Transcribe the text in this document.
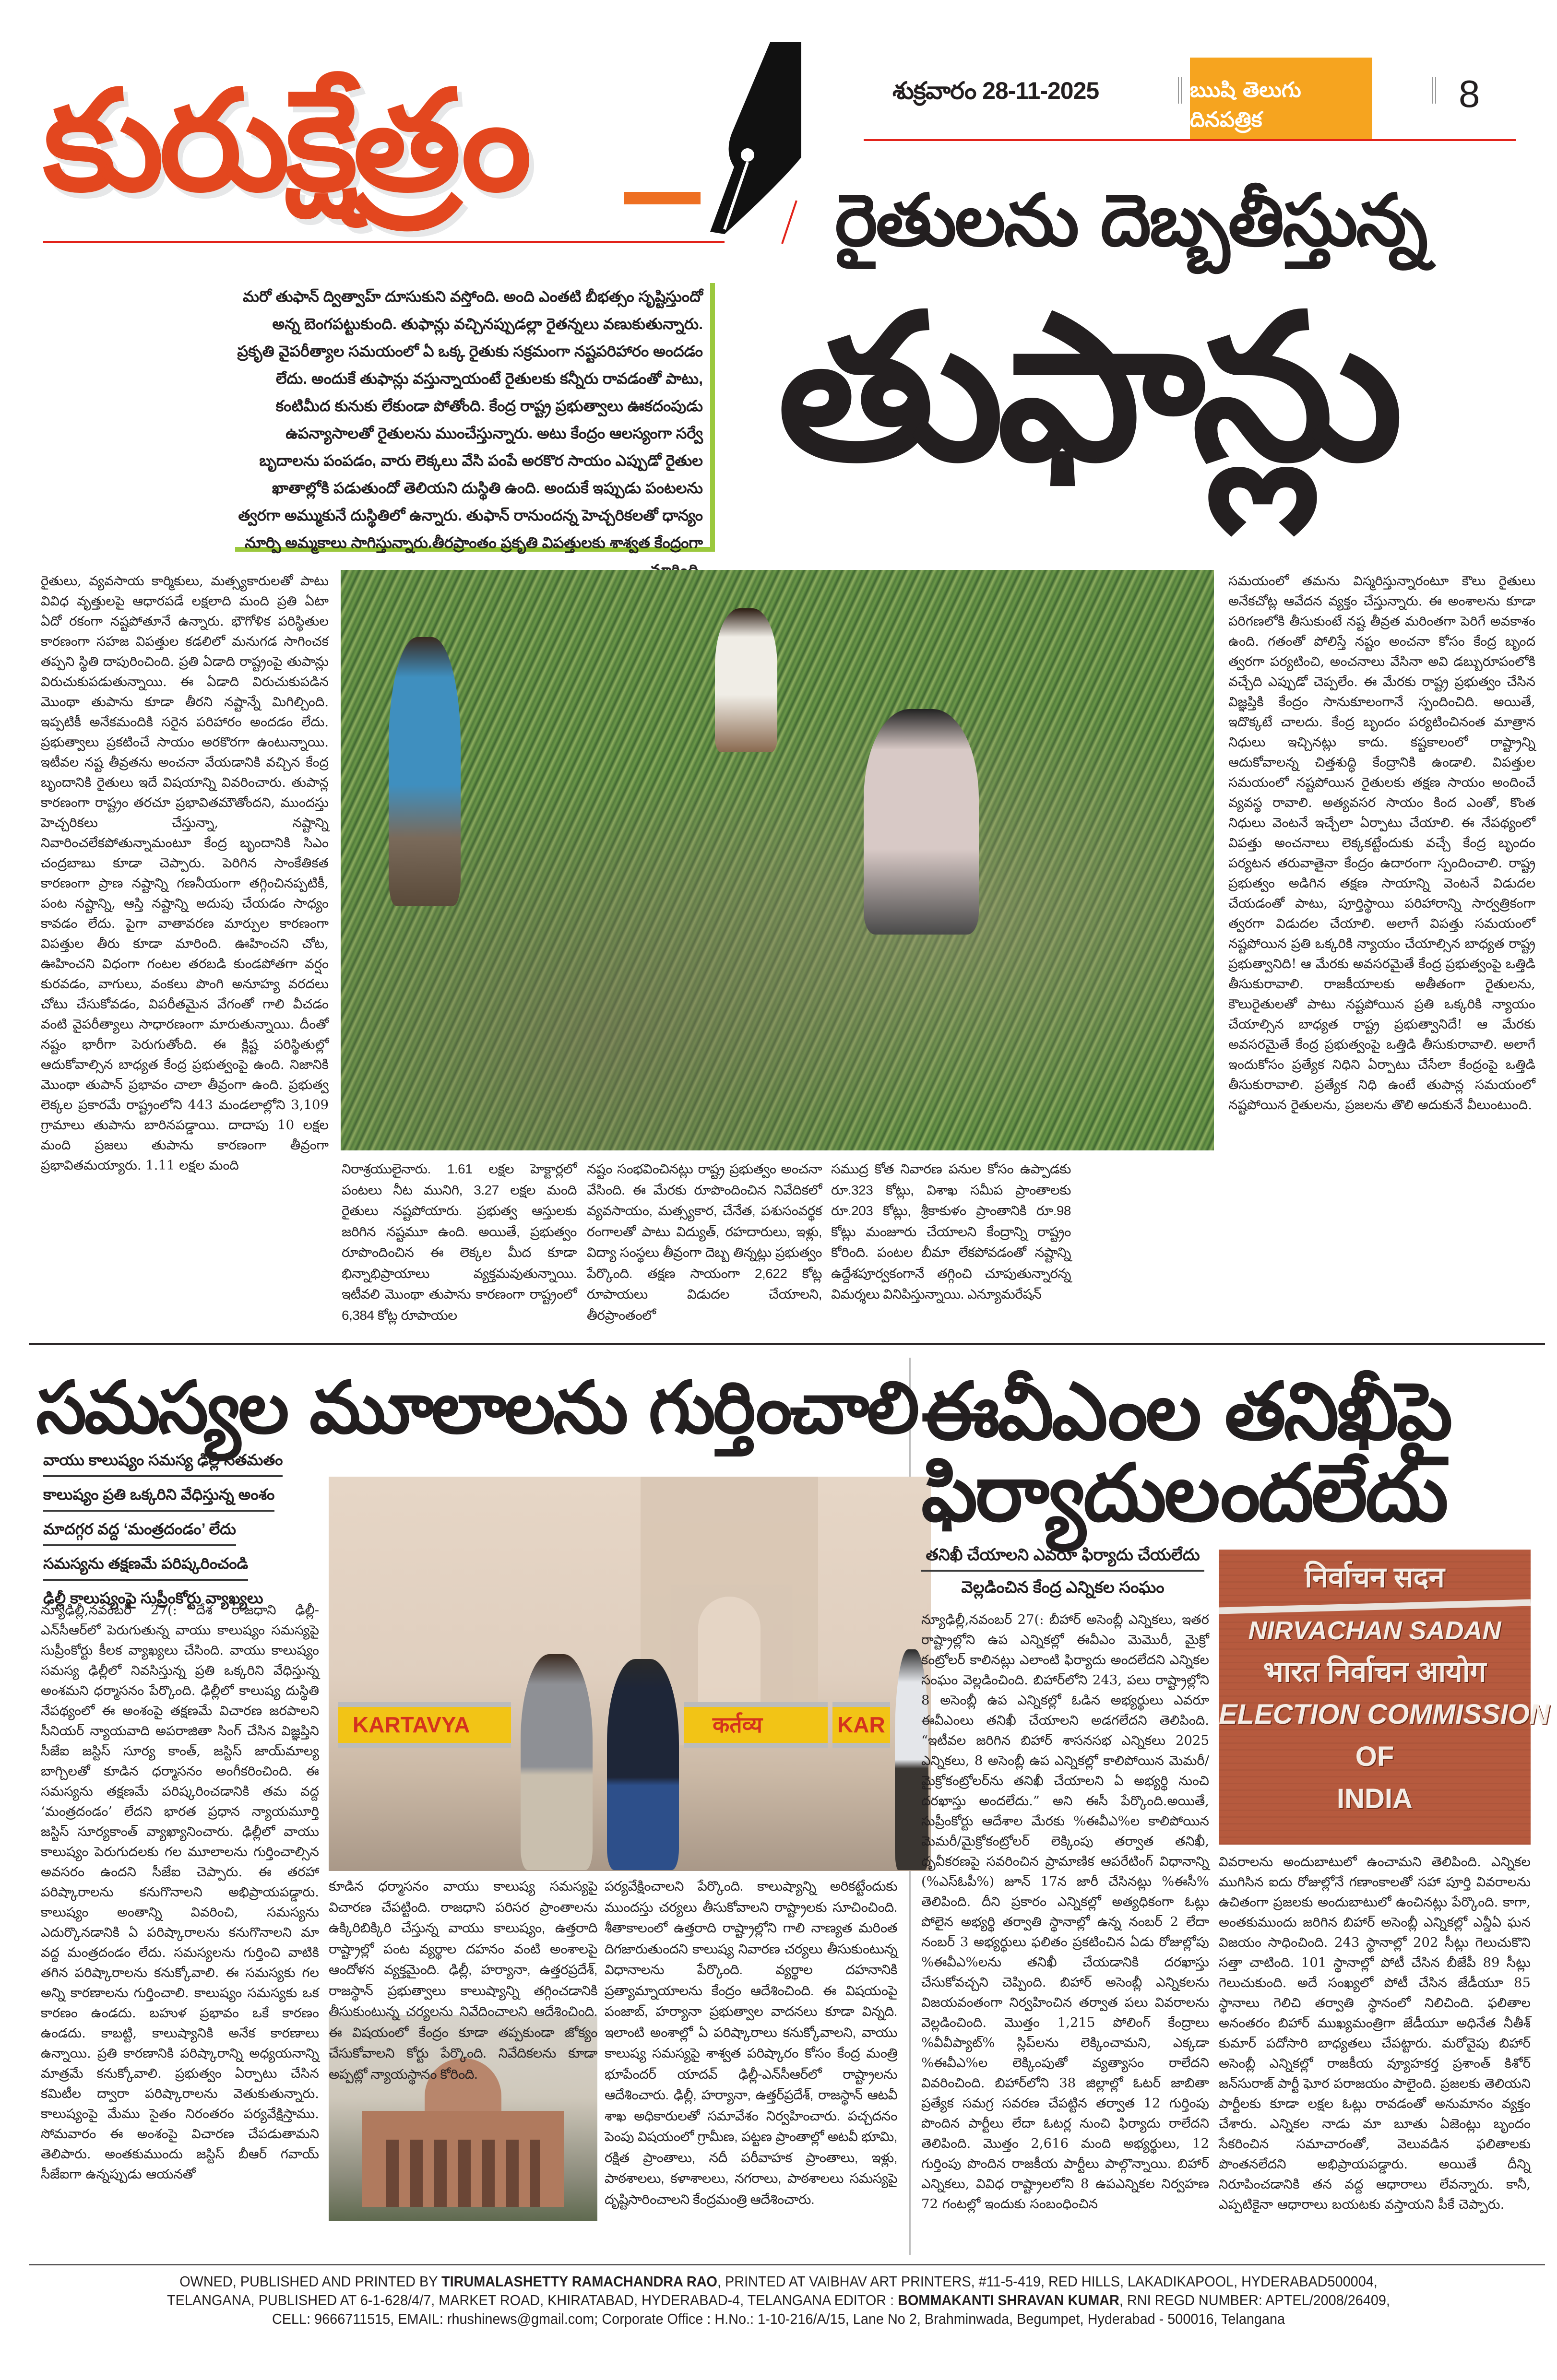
కురుక్షేత్రం	శుక్రవారం 28-11-2025	ఋషి తెలుగు దినపత్రిక
8
రైతులను దెబ్బతీస్తున్న
తుఫాన్లు

మరో తుఫాన్ ద్విత్వాహ్ దూసుకుని వస్తోంది. అంది ఎంతటి బీభత్సం సృష్టిస్తుందో అన్న బెంగపట్టుకుంది. తుఫాన్లు వచ్చినప్పుడల్లా రైతన్నలు వణుకుతున్నారు. ప్రకృతి వైపరీత్యాల సమయంలో ఏ ఒక్క రైతుకు సక్రమంగా నష్టపరిహారం అందడం లేదు. అందుకే తుఫాన్లు వస్తున్నాయంటే రైతులకు కన్నీరు రావడంతో పాటు, కంటిమీద కునుకు లేకుండా పోతోంది. కేంద్ర రాష్ట్ర ప్రభుత్వాలు ఊకదంపుడు ఉపన్యాసాలతో రైతులను ముంచేస్తున్నారు. అటు కేంద్రం ఆలస్యంగా సర్వే బృదాలను పంపడం, వారు లెక్కలు వేసి పంపే అరకొర సాయం ఎప్పుడో రైతుల ఖాతాల్లోకి పడుతుందో తెలియని దుస్థితి ఉంది. అందుకే ఇప్పుడు పంటలను త్వరగా అమ్ముకునే దుస్థితిలో ఉన్నారు. తుఫాన్ రానుందన్న హెచ్చరికలతో ధాన్యం నూర్పి అమ్మకాలు సాగిస్తున్నారు.తీరప్రాంతం ప్రకృతి విపత్తులకు శాశ్వత కేంద్రంగా

రైతులు, వ్యవసాయ కార్మికులు, మత్స్యకారులతో పాటు వివిధ వృత్తులపై ఆధారపడే లక్షలాది మంది ప్రతి ఏటా ఏదో రకంగా నష్టపోతూనే ఉన్నారు. భౌగోళిక పరిస్థితుల కారణంగా సహజ విపత్తుల కడలిలో మనుగడ సాగించక తప్పని స్థితి దాపురించింది. ప్రతి ఏడాది రాష్ట్రంపై తుపాన్లు విరుచుకుపడుతున్నాయి. ఈ ఏడాది విరుచుకుపడిన మొంథా తుపాను కూడా తీరని నష్టాన్నే మిగిల్చింది. ఇప్పటికీ అనేకమందికి సరైన పరిహారం అందడం లేదు. ప్రభుత్వాలు ప్రకటించే సాయం అరకొరగా ఉంటున్నాయి. ఇటీవల నష్ట తీవ్రతను అంచనా వేయడానికి వచ్చిన కేంద్ర బృందానికి రైతులు ఇదే విషయాన్ని వివరించారు. తుపాన్ల కారణంగా రాష్ట్రం తరచూ ప్రభావితమౌతోందని, ముందస్తు హెచ్చరికలు చేస్తున్నా, నష్టాన్ని నివారించలేకపోతున్నామంటూ కేంద్ర బృందానికి సిఎం చంద్రబాబు కూడా చెప్పారు. పెరిగిన సాంకేతికత కారణంగా ప్రాణ నష్టాన్ని గణనీయంగా తగ్గించినప్పటికీ, పంట నష్టాన్ని, ఆస్తి నష్టాన్ని అదుపు చేయడం సాధ్యం కావడం లేదు. పైగా వాతావరణ మార్పుల కారణంగా విపత్తుల తీరు కూడా మారింది. ఊహించని చోట, ఊహించని విధంగా గంటల తరబడి కుండపోతగా వర్షం కురవడం, వాగులు, వంకలు పొంగి అనూహ్య వరదలు చోటు చేసుకోవడం, విపరీతమైన వేగంతో గాలి వీచడం వంటి వైపరీత్యాలు సాధారణంగా మారుతున్నాయి. దీంతో నష్టం భారీగా పెరుగుతోంది. ఈ క్లిష్ట పరిస్థితుల్లో ఆదుకోవాల్సిన బాధ్యత కేంద్ర ప్రభుత్వంపై ఉంది. నిజానికి మొంథా తుపాన్ ప్రభావం చాలా తీవ్రంగా ఉంది. ప్రభుత్వ లెక్కల ప్రకారమే రాష్ట్రంలోని 443 మండలాల్లోని 3,109 గ్రామాలు తుపాను బారినపడ్డాయి. దాదాపు 10 లక్షల మంది ప్రజలు తుపాను కారణంగా తీవ్రంగా ప్రభావితమయ్యారు. 1.11 లక్షల మంది	నిరాశ్రయులైనారు. 1.61 లక్షల హెక్టార్లలో పంటలు నీట మునిగి, 3.27 లక్షల మంది రైతులు నష్టపోయారు. ప్రభుత్వ ఆస్తులకు జరిగిన నష్టమూ ఉంది. అయితే, ప్రభుత్వం రూపొందించిన ఈ లెక్కల మీద కూడా భిన్నాభిప్రాయాలు వ్యక్తమవుతున్నాయి. ఇటీవలి మొంథా తుపాను కారణంగా రాష్ట్రంలో 6,384 కోట్ల రూపాయల

నష్టం సంభవించినట్లు రాష్ట్ర ప్రభుత్వం అంచనా వేసింది. ఈ మేరకు రూపొందించిన నివేదికలో వ్యవసాయం, మత్స్యకార, చేనేత, పశుసంవర్థక రంగాలతో పాటు విద్యుత్, రహదారులు, ఇళ్లు, విద్యా సంస్థలు తీవ్రంగా దెబ్బ తిన్నట్లు ప్రభుత్వం పేర్కొంది. తక్షణ సాయంగా 2,622 కోట్ల రూపాయలు విడుదల చేయాలని, తీరప్రాంతంలో

సముద్ర కోత నివారణ పనుల కోసం ఉప్పాడకు రూ.323 కోట్లు, విశాఖ సమీప ప్రాంతాలకు రూ.203 కోట్లు, శ్రీకాకుళం ప్రాంతానికి రూ.98 కోట్లు మంజూరు చేయాలని కేంద్రాన్ని రాష్ట్రం కోరింది. పంటల బీమా లేకపోవడంతో నష్టాన్ని ఉద్దేశపూర్వకంగానే తగ్గించి చూపుతున్నారన్న విమర్శలు వినిపిస్తున్నాయి. ఎన్యూమరేషన్

సమయంలో తమను విస్మరిస్తున్నారంటూ కౌలు రైతులు అనేకచోట్ల ఆవేదన వ్యక్తం చేస్తున్నారు. ఈ అంశాలను కూడా పరిగణలోకి తీసుకుంటే నష్ట తీవ్రత మరింతగా పెరిగే అవకాశం ఉంది. గతంతో పోలిస్తే నష్టం అంచనా కోసం కేంద్ర బృంద త్వరగా పర్యటించి, అంచనాలు వేసినా అవి డబ్బురూపంలోకి వచ్చేది ఎప్పుడో చెప్పలేం. ఈ మేరకు రాష్ట్ర ప్రభుత్వం చేసిన విజ్ఞప్తికి కేంద్రం సానుకూలంగానే స్పందించిది. అయితే, ఇదొక్కటే చాలదు. కేంద్ర బృందం పర్యటించినంత మాత్రాన నిధులు ఇచ్చినట్లు కాదు. కష్టకాలంలో రాష్ట్రాన్ని ఆదుకోవాలన్న చిత్తశుద్ధి కేంద్రానికి ఉండాలి. విపత్తుల సమయంలో నష్టపోయిన రైతులకు తక్షణ సాయం అందించే వ్యవస్థ రావాలి. అత్యవసర సాయం కింద ఎంతో, కొంత నిధులు వెంటనే ఇచ్చేలా ఏర్పాటు చేయాలి. ఈ నేపథ్యంలో విపత్తు అంచనాలు లెక్కకట్టేందుకు వచ్చే కేంద్ర బృందం పర్యటన తరువాతైనా కేంద్రం ఉదారంగా స్పందించాలి. రాష్ట్ర ప్రభుత్వం అడిగిన తక్షణ సాయాన్ని వెంటనే విడుదల చేయడంతో పాటు, పూర్తిస్థాయి పరిహారాన్ని సార్వత్రికంగా త్వరగా విడుదల చేయాలి. అలాగే విపత్తు సమయంలో నష్టపోయిన ప్రతి ఒక్కరికి న్యాయం చేయాల్సిన బాధ్యత రాష్ట్ర ప్రభుత్వానిది! ఆ మేరకు అవసరమైతే కేంద్ర ప్రభుత్వంపై ఒత్తిడి తీసుకురావాలి. రాజకీయాలకు అతీతంగా రైతులను, కౌలురైతులతో పాటు నష్టపోయిన ప్రతి ఒక్కరికి న్యాయం చేయాల్సిన బాధ్యత రాష్ట్ర ప్రభుత్వానిదే! ఆ మేరకు అవసరమైతే కేంద్ర ప్రభుత్వంపై ఒత్తిడి తీసుకురావాలి. అలాగే ఇందుకోసం ప్రత్యేక నిధిని ఏర్పాటు చేసేలా కేంద్రంపై ఒత్తిడి తీసుకురావాలి. ప్రత్యేక నిధి ఉంటే తుపాన్ల సమయంలో నష్టపోయిన రైతులను, ప్రజలను తొలి అదుకునే వీలుంటుంది.

సమస్యల మూలాలను గుర్తించాలి
వాయు కాలుష్యం సమస్య ఢిల్లీ సతమతం
కాలుష్యం ప్రతి ఒక్కరిని వేధిస్తున్న అంశం
మాదగ్గర వద్ద ‘మంత్రదండం’ లేదు
సమస్యను తక్షణమే పరిష్కరించండి
ఢిల్లీ కాలుష్యంపై సుప్రీంకోర్టు వ్యాఖ్యలు
KARTAVYA	कर्तव्य	KAR

న్యూఢిల్లీ,నవంబర్ 27(: దేశ రాజధాని ఢిల్లీ-ఎన్‌సీఆర్‌లో పెరుగుతున్న వాయు కాలుష్యం సమస్యపై సుప్రీంకోర్టు కీలక వ్యాఖ్యలు చేసింది. వాయు కాలుష్యం సమస్య ఢిల్లీలో నివసిస్తున్న ప్రతి ఒక్కరిని వేధిస్తున్న అంశమని ధర్మాసనం పేర్కొంది. ఢిల్లీలో కాలుష్య దుస్థితి నేపథ్యంలో ఈ అంశంపై తక్షణమే విచారణ జరపాలని సీనియర్ న్యాయవాది అపరాజితా సింగ్ చేసిన విజ్ఞప్తిని సీజేఐ జస్టిస్ సూర్య కాంత్, జస్టిస్ జాయ్‌మాల్య బాగ్చిలతో కూడిన ధర్మాసనం అంగీకరించింది. ఈ సమస్యను తక్షణమే పరిష్కరించడానికి తమ వద్ద ‘మంత్రదండం’ లేదని భారత ప్రధాన న్యాయమూర్తి జస్టిస్ సూర్యకాంత్ వ్యాఖ్యానించారు. ఢిల్లీలో వాయు కాలుష్యం పెరుగుదలకు గల మూలాలను గుర్తించాల్సిన అవసరం ఉందని సీజేఐ చెప్పారు. ఈ తరహా పరిష్కారాలను కనుగొనాలని అభిప్రాయపడ్డారు. కాలుష్యం అంతాన్ని వివరించి, సమస్యను ఎదుర్కొనడానికి ఏ పరిష్కారాలను కనుగొనాలని మా వద్ద మంత్రదండం లేదు. సమస్యలను గుర్తించి వాటికి తగిన పరిష్కారాలను కనుక్కోవాలి. ఈ సమస్యకు గల అన్ని కారణాలను గుర్తించాలి. కాలుష్యం సమస్యకు ఒక కారణం ఉండదు. బహుళ ప్రభావం ఒకే కారణం ఉండదు. కాబట్టి, కాలుష్యానికి అనేక కారణాలు ఉన్నాయి. ప్రతి కారణానికి పరిష్కారాన్ని అధ్యయనాన్ని మాత్రమే కనుక్కోవాలి. ప్రభుత్వం ఏర్పాటు చేసిన కమిటీల ద్వారా పరిష్కారాలను వెతుకుతున్నారు. కాలుష్యంపై మేము సైతం నిరంతరం పర్యవేక్షిస్తాము. సోమవారం ఈ అంశంపై విచారణ చేపడుతామని తెలిపారు. అంతకుముందు జస్టిస్ బీఆర్ గవాయ్ సీజేఐగా ఉన్నప్పుడు ఆయనతో

కూడిన ధర్మాసనం వాయు కాలుష్య సమస్యపై విచారణ చేపట్టింది. రాజధాని పరిసర ప్రాంతాలను ఉక్కిరిబిక్కిరి చేస్తున్న వాయు కాలుష్యం, ఉత్తరాది రాష్ట్రాల్లో పంట వ్యర్థాల దహనం వంటి అంశాలపై ఆందోళన వ్యక్తమైంది. ఢిల్లీ, హర్యానా, ఉత్తరప్రదేశ్, రాజస్థాన్ ప్రభుత్వాలు కాలుష్యాన్ని తగ్గించడానికి తీసుకుంటున్న చర్యలను నివేదించాలని ఆదేశించింది. ఈ విషయంలో కేంద్రం కూడా తప్పకుండా జోక్యం చేసుకోవాలని కోర్టు పేర్కొంది. నివేదికలను కూడా అప్పట్లో న్యాయస్థానం కోరింది.

పర్యవేక్షించాలని పేర్కొంది. కాలుష్యాన్ని అరికట్టేందుకు ముందస్తు చర్యలు తీసుకోవాలని రాష్ట్రాలకు సూచించింది. శీతాకాలంలో ఉత్తరాది రాష్ట్రాల్లోని గాలి నాణ్యత మరింత దిగజారుతుందని కాలుష్య నివారణ చర్యలు తీసుకుంటున్న విధానాలను పేర్కొంది. వ్యర్థాల దహనానికి ప్రత్యామ్నాయాలను కేంద్రం ఆదేశించింది. ఈ విషయంపై పంజాబ్, హర్యానా ప్రభుత్వాల వాదనలు కూడా విన్నది. ఇలాంటి అంశాల్లో ఏ పరిష్కారాలు కనుక్కోవాలని, వాయు కాలుష్య సమస్యపై శాశ్వత పరిష్కారం కోసం కేంద్ర మంత్రి భూపేందర్ యాదవ్ ఢిల్లీ-ఎన్‌సీఆర్‌లో రాష్ట్రాలను ఆదేశించారు. ఢిల్లీ, హర్యానా, ఉత్తర్‌ప్రదేశ్, రాజస్థాన్ ఆటవీ శాఖ అధికారులతో సమావేశం నిర్వహించారు. పచ్చదనం పెంపు విషయంలో గ్రామీణ, పట్టణ ప్రాంతాల్లో అటవీ భూమి, రక్షిత ప్రాంతాలు, నదీ పరీవాహక ప్రాంతాలు, ఇళ్లు, పాఠశాలలు, కళాశాలలు, నగరాలు, పాఠశాలలు సమస్యపై దృష్టిసారించాలని కేంద్రమంత్రి ఆదేశించారు.

ఈవీఎంల తనిఖీపై
ఫిర్యాదులందలేదు
తనిఖీ చేయాలని ఎవరూ ఫిర్యాదు చేయలేదు
వెల్లడించిన కేంద్ర ఎన్నికల సంఘం	निर्वाचन सदन
NIRVACHAN SADAN
भारत निर्वाचन आयोग
ELECTION COMMISSION
OF
INDIA

న్యూఢిల్లీ,నవంబర్ 27(: బీహార్ అసెంబ్లీ ఎన్నికలు, ఇతర రాష్ట్రాల్లోని ఉప ఎన్నికల్లో ఈవీఎం మెమొరీ, మైక్రో కంట్రోలర్ కాలినట్లు ఎలాంటి ఫిర్యాదు అందలేదని ఎన్నికల సంఘం వెల్లడించింది. బిహార్‌లోని 243, పలు రాష్ట్రాల్లోని 8 అసెంబ్లీ ఉప ఎన్నికల్లో ఓడిన అభ్యర్థులు ఎవరూ ఈవీఎంలు తనిఖీ చేయాలని అడగలేదని తెలిపింది. “ఇటీవల జరిగిన బిహార్ శాసనసభ ఎన్నికలు 2025 ఎన్నికలు, 8 అసెంబ్లీ ఉప ఎన్నికల్లో కాలిపోయిన మెమరీ/మైక్రోకంట్రోలర్‌ను తనిఖీ చేయాలని ఏ అభ్యర్థి నుంచి దరఖాస్తు అందలేదు.” అని ఈసీ పేర్కొంది.అయితే, సుప్రీంకోర్టు ఆదేశాల మేరకు %ఈవీఎ%ల కాలిపోయిన మెమరీ/మైక్రోకంట్రోలర్ లెక్కింపు తర్వాత తనిఖీ, ధృవీకరణపై సవరించిన ప్రామాణిక ఆపరేటింగ్ విధానాన్ని (%ఎస్ఓపీ%) జూన్ 17న జారీ చేసినట్లు %ఈసీ% తెలిపింది. దీని ప్రకారం ఎన్నికల్లో అత్యధికంగా ఓట్లు పోలైన అభ్యర్థి తర్వాతి స్థానాల్లో ఉన్న నంబర్ 2 లేదా నంబర్ 3 అభ్యర్థులు ఫలితం ప్రకటించిన ఏడు రోజుల్లోపు %ఈవీఎ%లను తనిఖీ చేయడానికి దరఖాస్తు చేసుకోవచ్చని చెప్పింది. బిహార్ అసెంబ్లీ ఎన్నికలను విజయవంతంగా నిర్వహించిన తర్వాత పలు వివరాలను వెల్లడించింది. మొత్తం 1,215 పోలింగ్ కేంద్రాలు %వీవీప్యాట్% స్లిప్‌లను లెక్కించామని, ఎక్కడా %ఈవీఎ%ల లెక్కింపుతో వ్యత్యాసం రాలేదని వివరించింది. బిహార్‌లోని 38 జిల్లాల్లో ఓటర్ జాబితా ప్రత్యేక సమగ్ర సవరణ చేపట్టిన తర్వాత 12 గుర్తింపు పొందిన పార్టీలు లేదా ఓటర్ల నుంచి ఫిర్యాదు రాలేదని తెలిపింది. మొత్తం 2,616 మంది అభ్యర్థులు, 12 గుర్తింపు పొందిన రాజకీయ పార్టీలు పాల్గొన్నాయి. బిహార్ ఎన్నికలు, వివిధ రాష్ట్రాలలోని 8 ఉపఎన్నికల నిర్వహణ 72 గంటల్లో ఇందుకు సంబంధించిన

వివరాలను అందుబాటులో ఉంచామని తెలిపింది. ఎన్నికల ముగిసిన ఐదు రోజుల్లోనే గణాంకాలతో సహా పూర్తి వివరాలను ఉచితంగా ప్రజలకు అందుబాటులో ఉంచినట్లు పేర్కొంది. కాగా, అంతకుముందు జరిగిన బిహార్ అసెంబ్లీ ఎన్నికల్లో ఎన్డీఏ ఘన విజయం సాధించింది. 243 స్థానాల్లో 202 సీట్లు గెలుచుకొని సత్తా చాటింది. 101 స్థానాల్లో పోటీ చేసిన బీజేపీ 89 సీట్లు గెలుచుకుంది. అదే సంఖ్యలో పోటీ చేసిన జేడీయూ 85 స్థానాలు గెలిచి తర్వాతి స్థానంలో నిలిచింది. ఫలితాల అనంతరం బిహార్ ముఖ్యమంత్రిగా జేడీయూ అధినేత నీతీశ్ కుమార్ పదోసారి బాధ్యతలు చేపట్టారు. మరోవైపు బిహార్ అసెంబ్లీ ఎన్నికల్లో రాజకీయ వ్యూహకర్త ప్రశాంత్ కిశోర్ జన్‌సురాజ్ పార్టీ ఘోర పరాజయం పాలైంది. ప్రజలకు తెలియని పార్టీలకు కూడా లక్షల ఓట్లు రావడంతో అనుమానం వ్యక్తం చేశారు. ఎన్నికల నాడు మా బూతు ఏజెంట్లు బృందం సేకరించిన సమాచారంతో, వెలువడిన ఫలితాలకు పొంతనలేదని అభిప్రాయపడ్డారు. అయితే దీన్ని నిరూపించడానికి తన వద్ద ఆధారాలు లేవన్నారు. కానీ, ఎప్పటికైనా ఆధారాలు బయటకు వస్తాయని పీకే చెప్పారు.

OWNED, PUBLISHED AND PRINTED BY TIRUMALASHETTY RAMACHANDRA RAO, PRINTED AT VAIBHAV ART PRINTERS, #11-5-419, RED HILLS, LAKADIKAPOOL, HYDERABAD500004,
TELANGANA, PUBLISHED AT 6-1-628/4/7, MARKET ROAD, KHIRATABAD, HYDERABAD-4, TELANGANA EDITOR : BOMMAKANTI SHRAVAN KUMAR, RNI REGD NUMBER: APTEL/2008/26409,
CELL: 9666711515, EMAIL: rhushinews@gmail.com; Corporate Office : H.No.: 1-10-216/A/15, Lane No 2, Brahminwada, Begumpet, Hyderabad - 500016, Telangana
